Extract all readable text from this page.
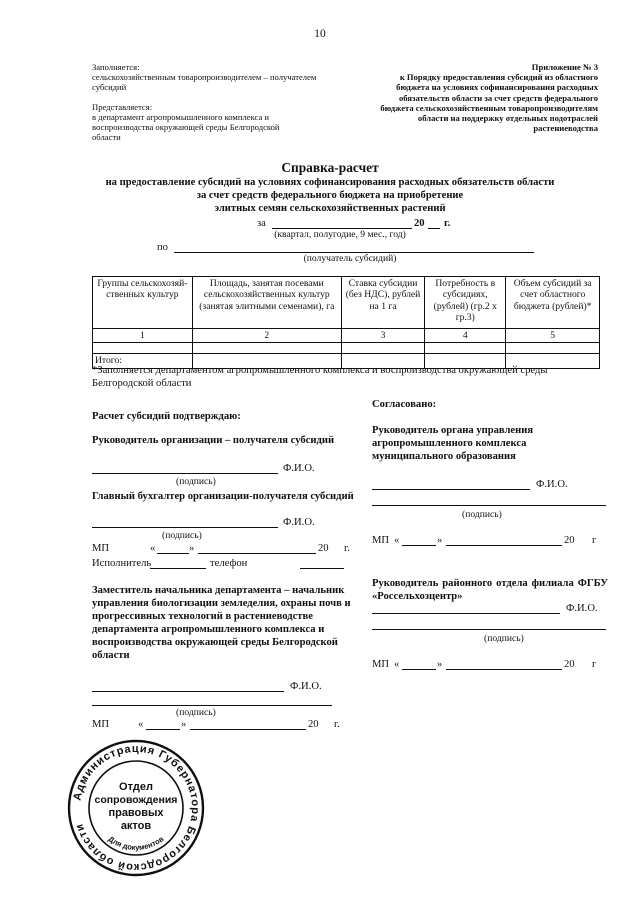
10
Заполняется:
сельскохозяйственным товаропроизводителем – получателем субсидий
Представляется:
в департамент агропромышленного комплекса и воспроизводства окружающей среды Белгородской области
Приложение № 3
к Порядку предоставления субсидий из областного бюджета на условиях софинансирования расходных обязательств области за счет средств федерального бюджета сельскохозяйственным товаропроизводителям области на поддержку отдельных подотраслей растениеводства
Справка-расчет
на предоставление субсидий на условиях софинансирования расходных обязательств области
за счет средств федерального бюджета на приобретение
элитных семян сельскохозяйственных растений
за	20 г.
(квартал, полугодие, 9 мес., год)
по
(получатель субсидий)
Группы сельскохозяй-ственных культур	Площадь, занятая посевами сельскохозяйственных культур (занятая элитными семенами), га	Ставка субсидии (без НДС), рублей на 1 га	Потребность в субсидиях, (рублей) (гр.2 х гр.3)	Объем субсидий за счет областного бюджета (рублей)*
1	2	3	4	5

Итого:				
*Заполняется департаментом агропромышленного комплекса и воспроизводства окружающей среды Белгородской области
Расчет субсидий подтверждаю:
Руководитель организации – получателя субсидий
Ф.И.О.
(подпись)
Главный бухгалтер организации-получателя субсидий
Ф.И.О.
(подпись)
МП	«	»	20 г.
Исполнитель	телефон
Заместитель начальника департамента – начальник управления биологизации земледелия, охраны почв и прогрессивных технологий в растениеводстве департамента агропромышленного комплекса и воспроизводства окружающей среды Белгородской области
Ф.И.О.
(подпись)
МП	«	»	20 г.
Согласовано:
Руководитель органа управления агропромышленного комплекса муниципального образования
Ф.И.О.
(подпись)
МП «	»	20 г
Руководитель районного отдела филиала ФГБУ «Россельхозцентр»
Ф.И.О.
(подпись)
МП «	»	20 г
Администрация Губернатора Белгородской области
Для документов
Отдел
сопровождения
правовых
актов
